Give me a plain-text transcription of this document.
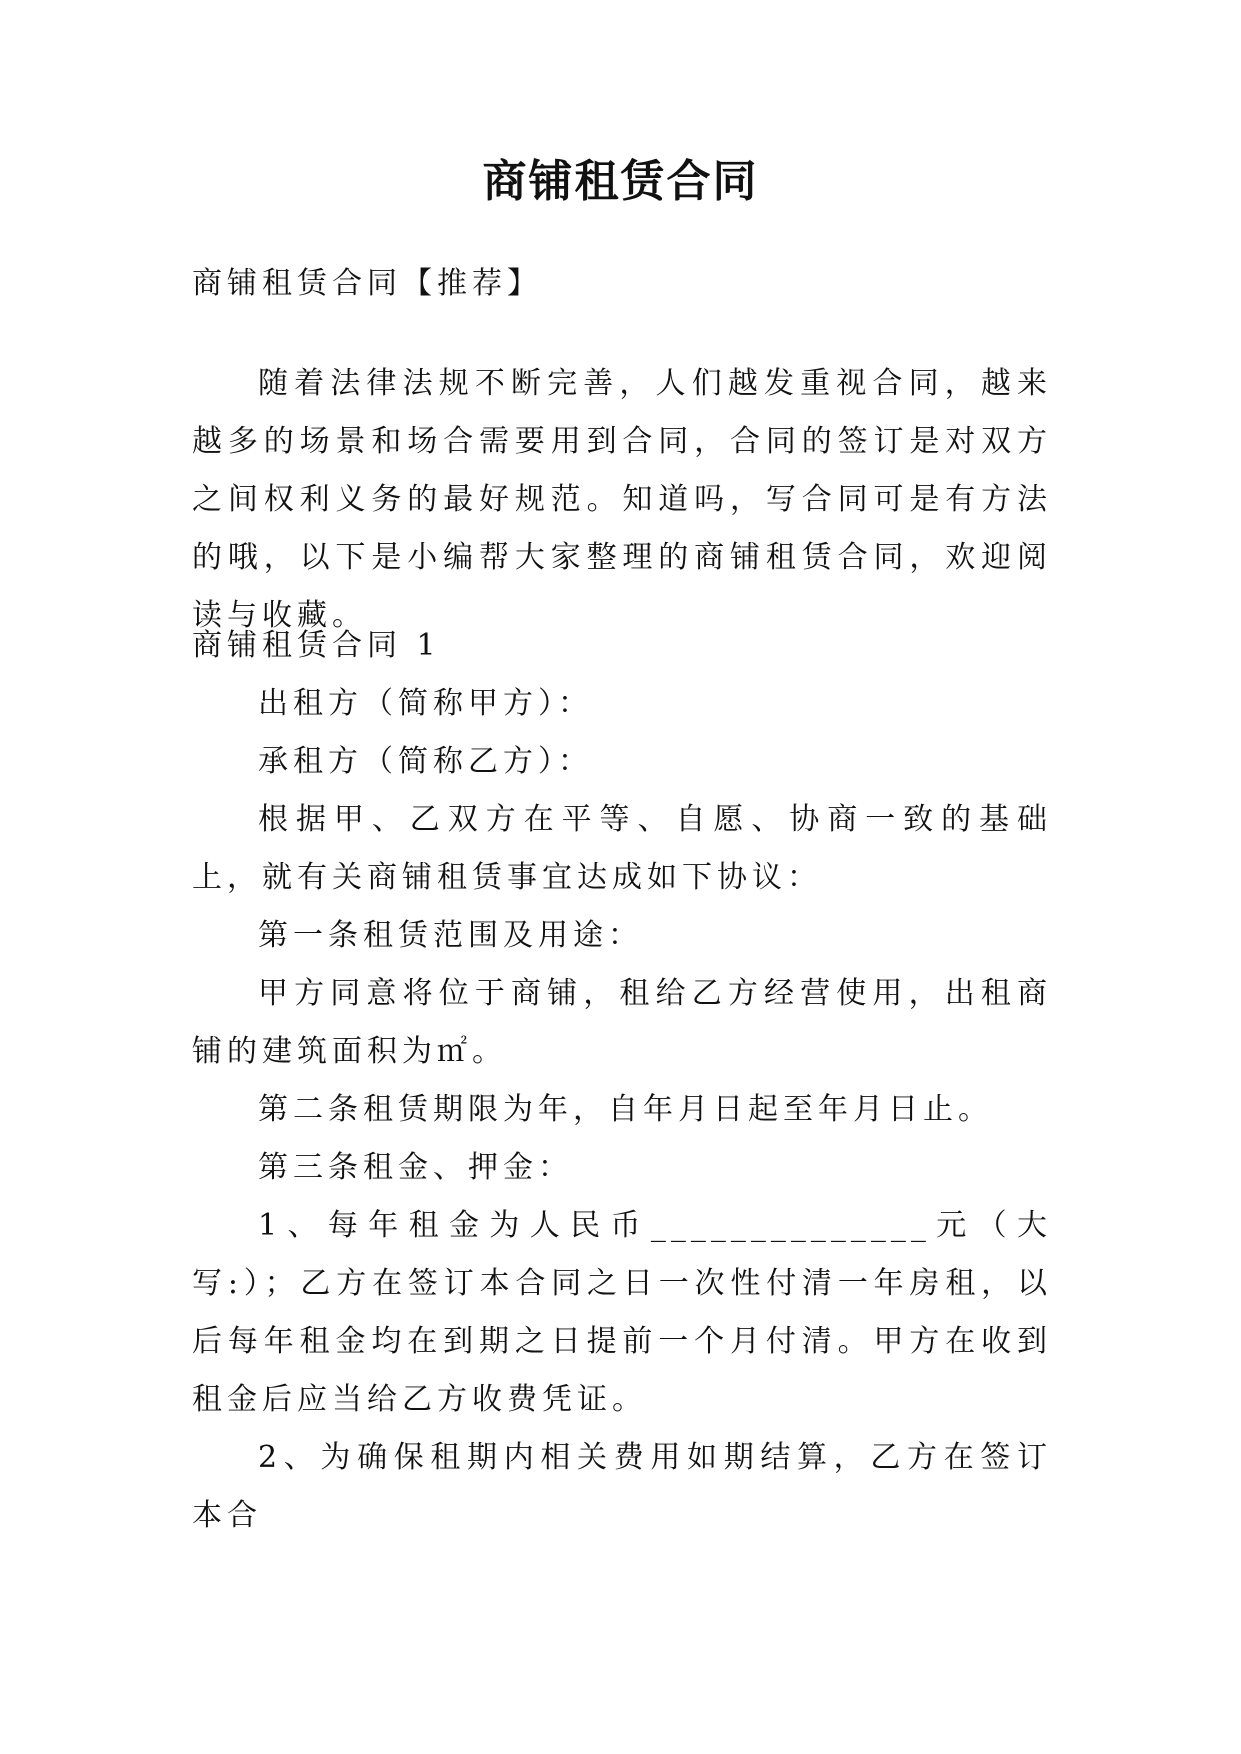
商铺租赁合同

商铺租赁合同【推荐】

随着法律法规不断完善，人们越发重视合同，越来越多的场景和场合需要用到合同，合同的签订是对双方之间权利义务的最好规范。知道吗，写合同可是有方法的哦，以下是小编帮大家整理的商铺租赁合同，欢迎阅读与收藏。

商铺租赁合同 1

出租方（简称甲方）：

承租方（简称乙方）：

根据甲、乙双方在平等、自愿、协商一致的基础上，就有关商铺租赁事宜达成如下协议：

第一条租赁范围及用途：

甲方同意将位于商铺，租给乙方经营使用，出租商铺的建筑面积为㎡。

第二条租赁期限为年，自年月日起至年月日止。

第三条租金、押金：

1、每年租金为人民币______________元（大写:）；乙方在签订本合同之日一次性付清一年房租，以后每年租金均在到期之日提前一个月付清。甲方在收到租金后应当给乙方收费凭证。

2、为确保租期内相关费用如期结算，乙方在签订本合
